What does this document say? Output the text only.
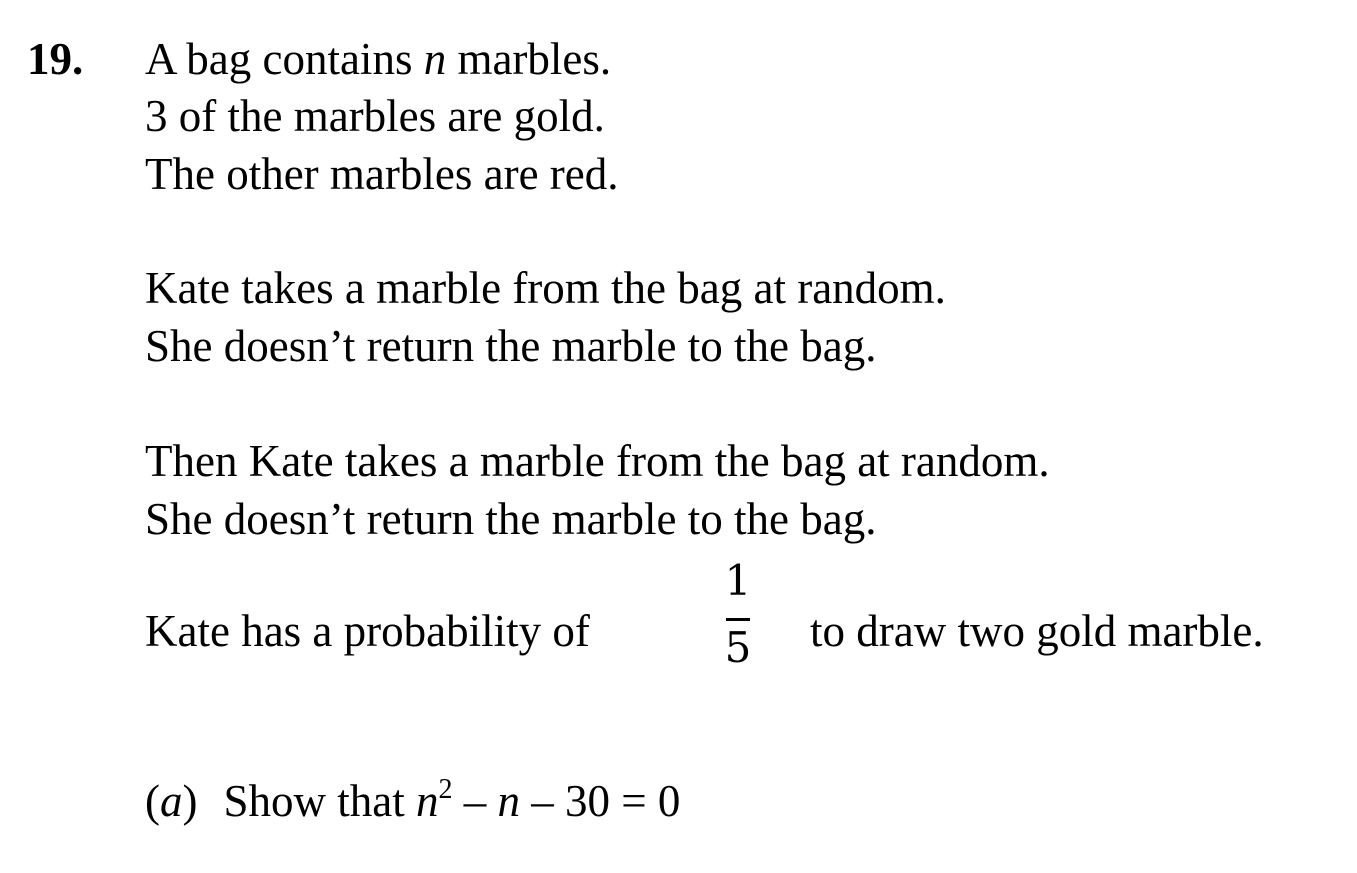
19. A bag contains n marbles.
3 of the marbles are gold.
The other marbles are red.
Kate takes a marble from the bag at random.
She doesn’t return the marble to the bag.
Then Kate takes a marble from the bag at random.
She doesn’t return the marble to the bag.
Kate has a probability of
1
5 to draw two gold marble.
(a) Show that $n^2 - n - 30 = 0$
